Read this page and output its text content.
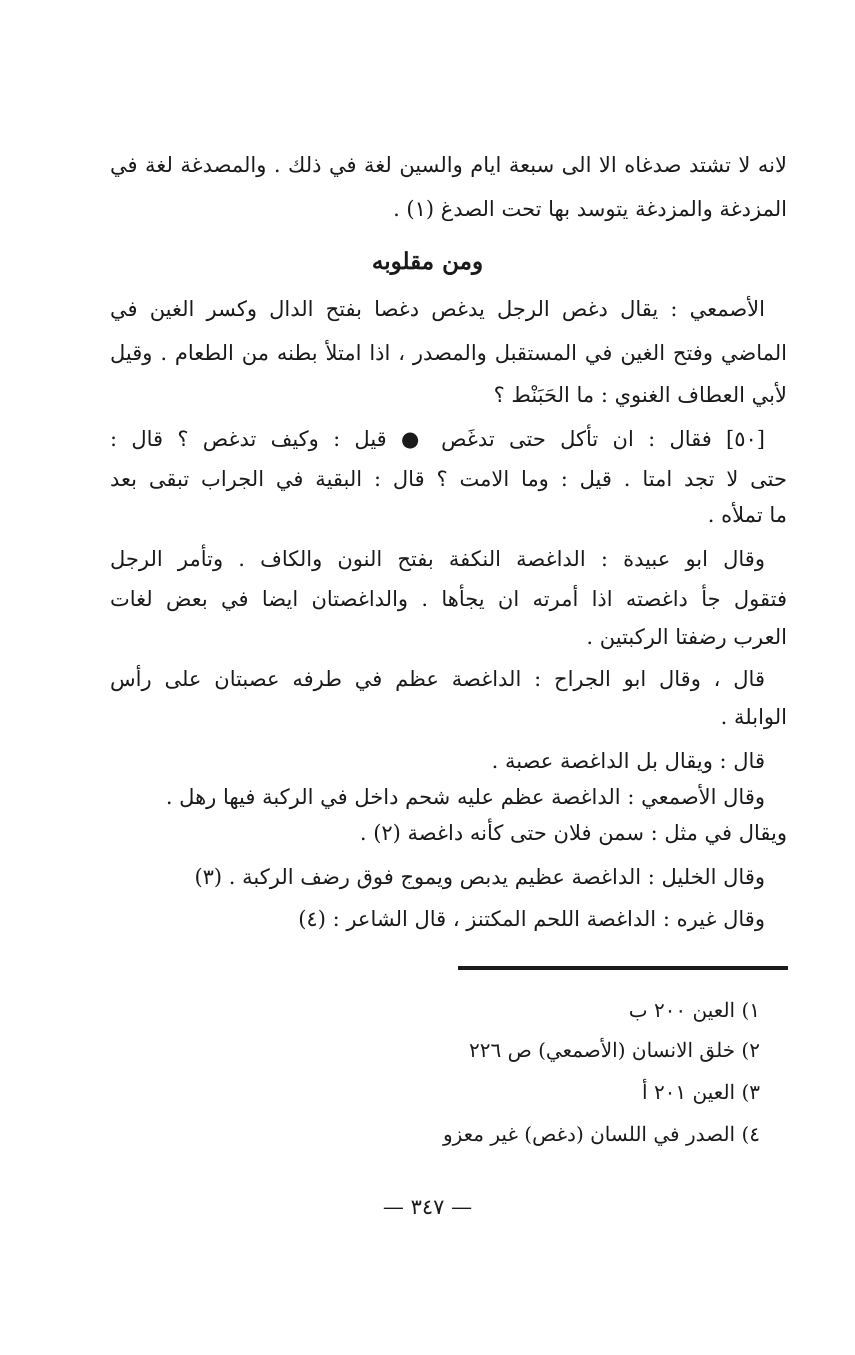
لانه لا تشتد صدغاه الا الى سبعة ايام والسين لغة في ذلك . والمصدغة لغة في
المزدغة والمزدغة يتوسد بها تحت الصدغ (١) .
ومن مقلوبه
الأصمعي : يقال دغص الرجل يدغص دغصا بفتح الدال وكسر الغين في
الماضي وفتح الغين في المستقبل والمصدر ، اذا امتلأ بطنه من الطعام . وقيل
لأبي العطاف الغنوي : ما الحَبَنْط ؟
[٥٠] فقال : ان تأكل حتى تدغَص ● قيل : وكيف تدغص ؟ قال :
حتى لا تجد امتا . قيل : وما الامت ؟ قال : البقية في الجراب تبقى بعد
ما تملأه .
وقال ابو عبيدة : الداغصة النكفة بفتح النون والكاف . وتأمر الرجل
فتقول جأ داغصته اذا أمرته ان يجأها . والداغصتان ايضا في بعض لغات
العرب رضفتا الركبتين .
قال ، وقال ابو الجراح : الداغصة عظم في طرفه عصبتان على رأس
الوابلة .
قال : ويقال بل الداغصة عصبة .
وقال الأصمعي : الداغصة عظم عليه شحم داخل في الركبة فيها رهل .
ويقال في مثل : سمن فلان حتى كأنه داغصة (٢) .
وقال الخليل : الداغصة عظيم يدبص ويموج فوق رضف الركبة . (٣)
وقال غيره : الداغصة اللحم المكتنز ، قال الشاعر : (٤)
١) العين ٢٠٠ ب
٢) خلق الانسان (الأصمعي) ص ٢٢٦
٣) العين ٢٠١ أ
٤) الصدر في اللسان (دغص) غير معزو
— ٣٤٧ —
